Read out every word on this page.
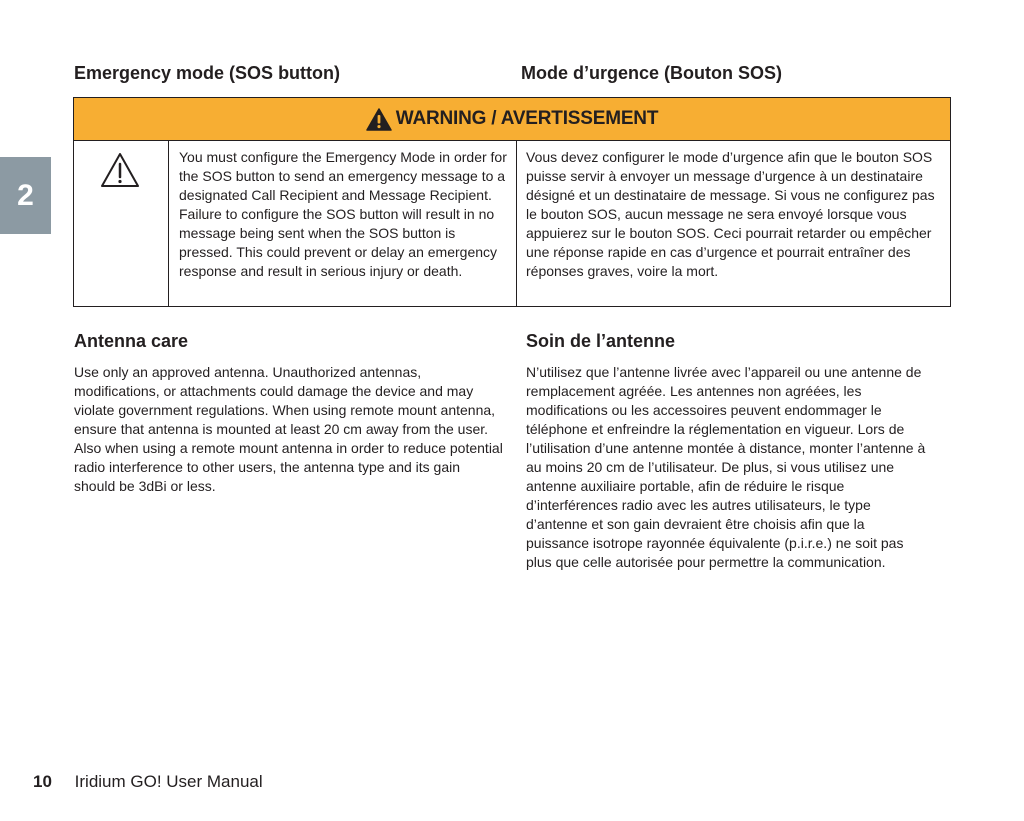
Emergency mode (SOS button)	Mode d’urgence (Bouton SOS)
2
WARNING / AVERTISSEMENT

You must configure the Emergency Mode in order for the SOS button to send an emergency message to a designated Call Recipient and Message Recipient. Failure to configure the SOS button will result in no message being sent when the SOS button is pressed. This could prevent or delay an emergency response and result in serious injury or death.

Vous devez configurer le mode d’urgence afin que le bouton SOS puisse servir à envoyer un message d’urgence à un destinataire désigné et un destinataire de message. Si vous ne configurez pas le bouton SOS, aucun message ne sera envoyé lorsque vous appuierez sur le bouton SOS. Ceci pourrait retarder ou empêcher une réponse rapide en cas d’urgence et pourrait entraîner des réponses graves, voire la mort.

Antenna care	Soin de l’antenne

Use only an approved antenna. Unauthorized antennas, modifications, or attachments could damage the device and may violate government regulations. When using remote mount antenna, ensure that antenna is mounted at least 20 cm away from the user. Also when using a remote mount antenna in order to reduce potential radio interference to other users, the antenna type and its gain should be 3dBi or less.

N’utilisez que l’antenne livrée avec l’appareil ou une antenne de remplacement agréée. Les antennes non agréées, les modifications ou les accessoires peuvent endommager le téléphone et enfreindre la réglementation en vigueur. Lors de l’utilisation d’une antenne montée à distance, monter l’antenne à au moins 20 cm de l’utilisateur. De plus, si vous utilisez une antenne auxiliaire portable, afin de réduire le risque d’interférences radio avec les autres utilisateurs, le type d’antenne et son gain devraient être choisis afin que la puissance isotrope rayonnée équivalente (p.i.r.e.) ne soit pas plus que celle autorisée pour permettre la communication.

10 Iridium GO! User Manual
